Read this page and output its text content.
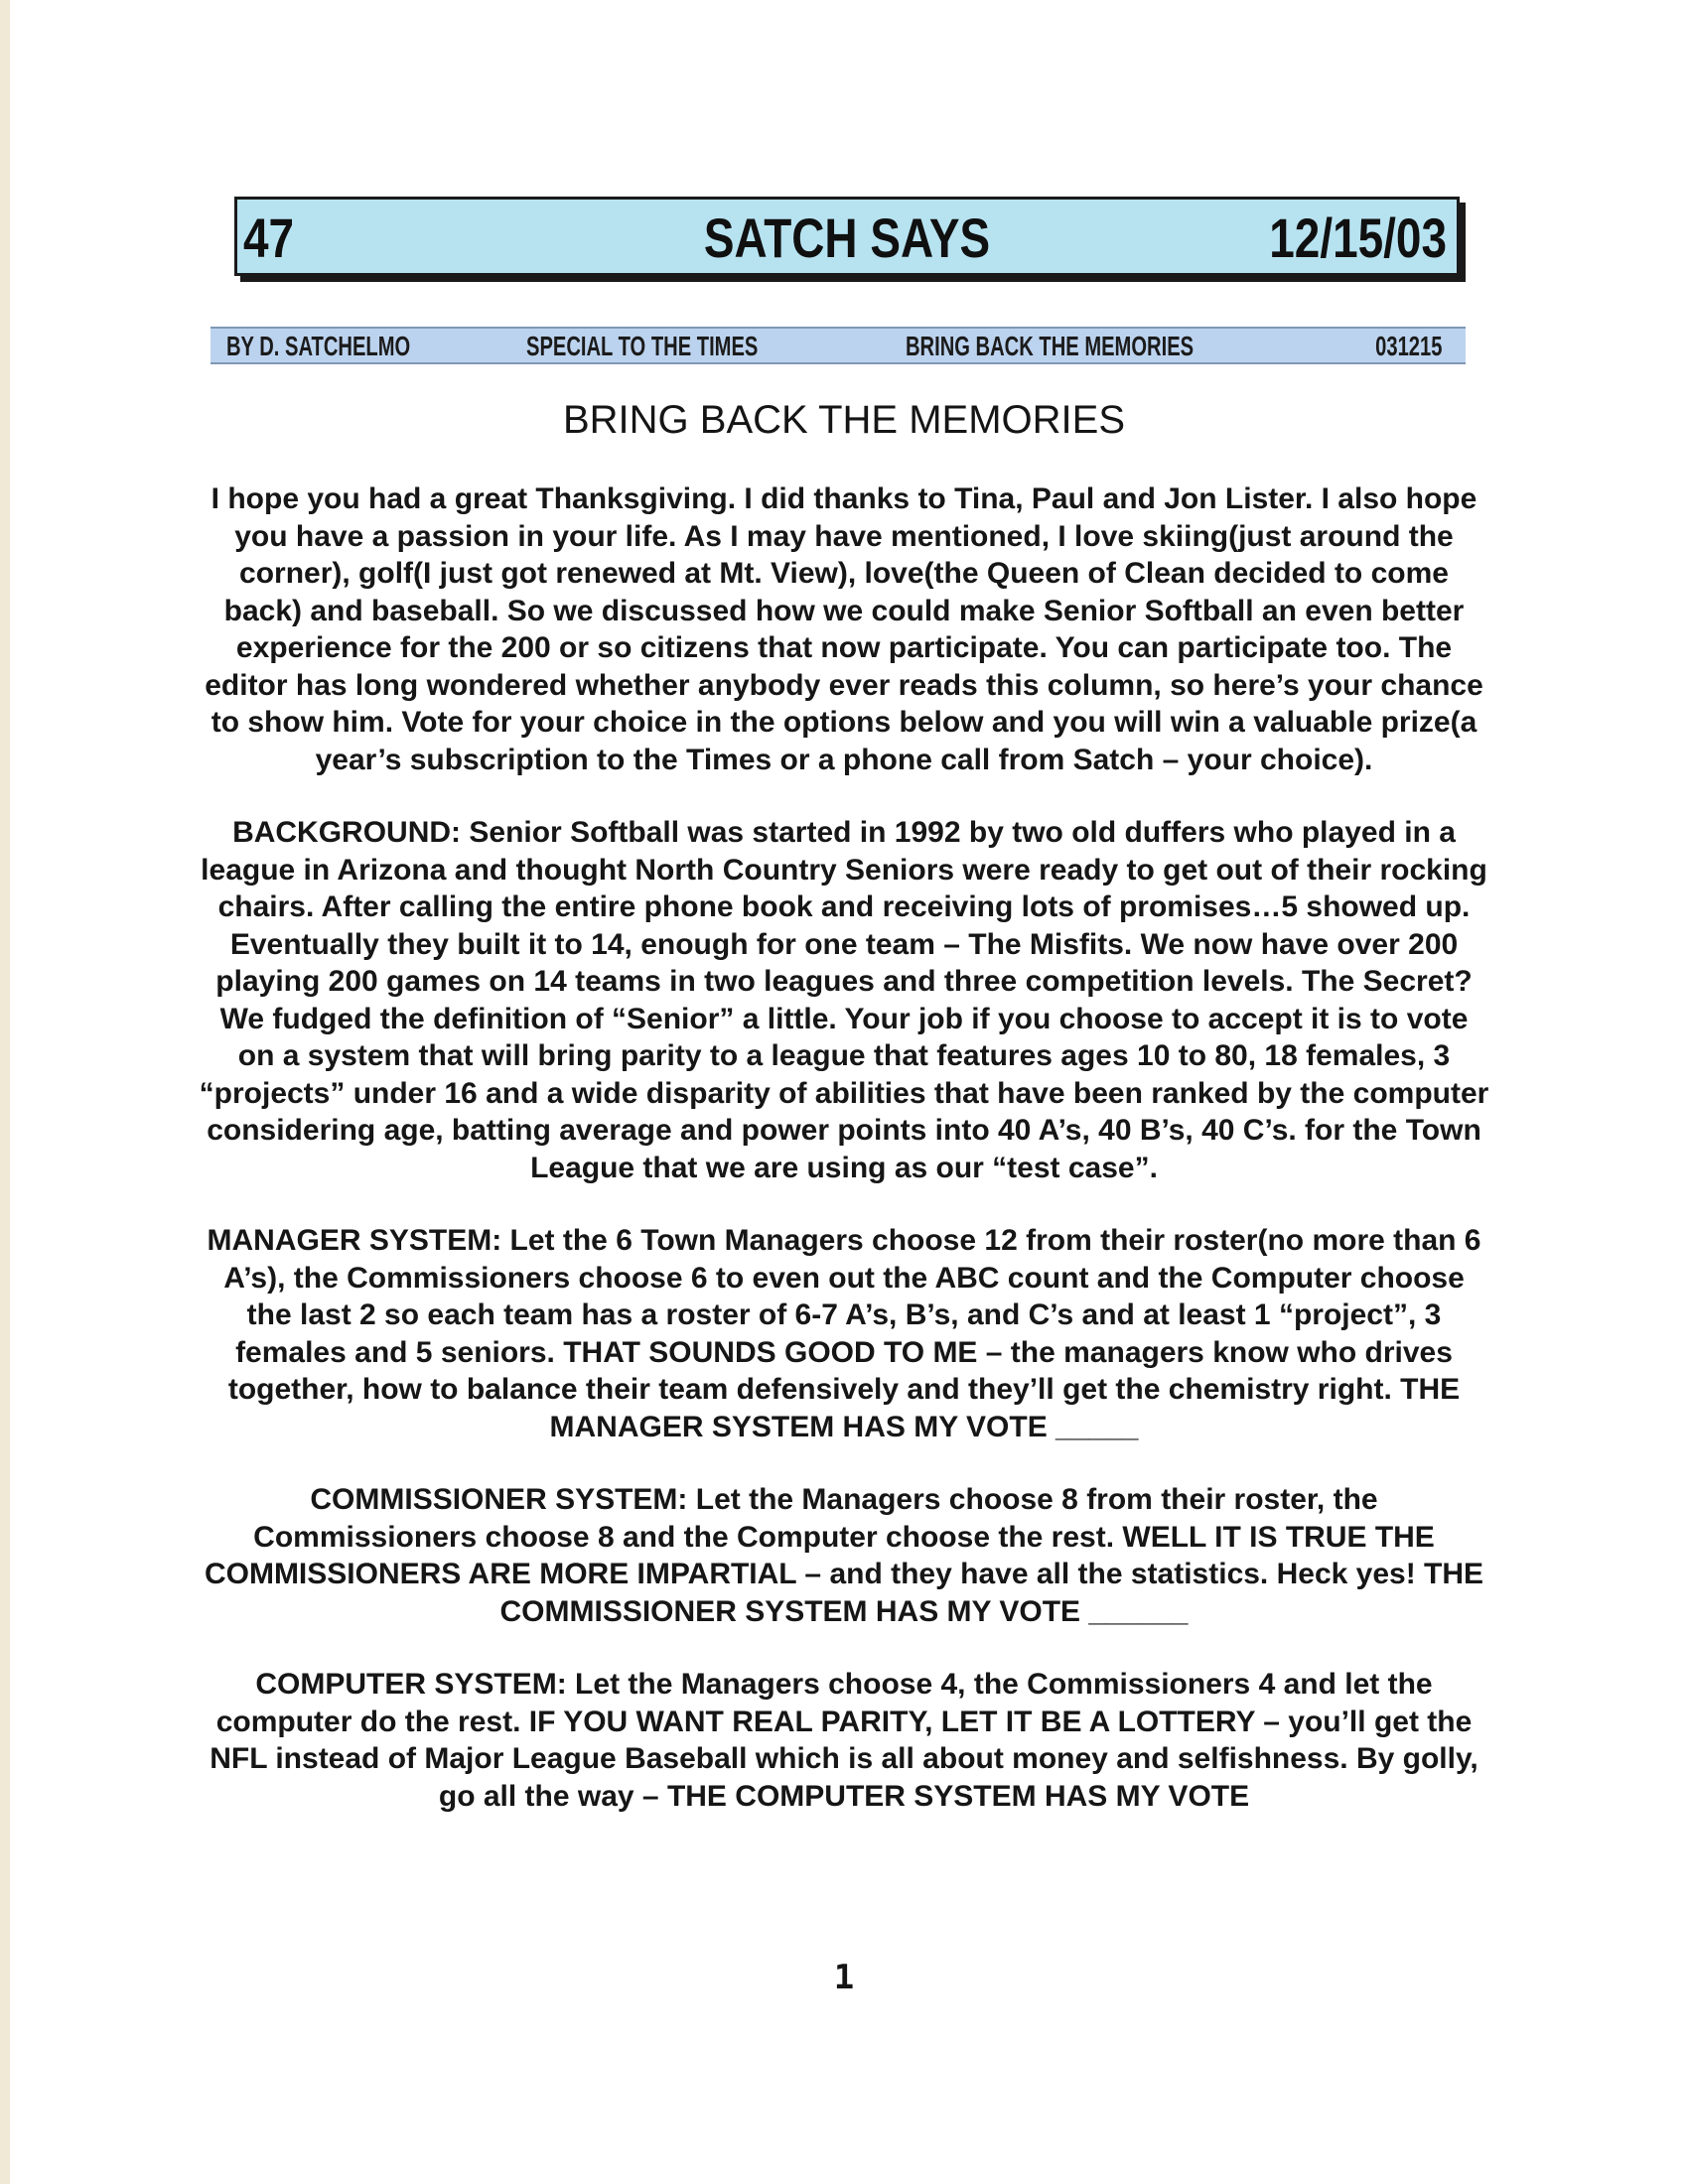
47	SATCH SAYS	12/15/03
BY D. SATCHELMO	SPECIAL TO THE TIMES	BRING BACK THE MEMORIES	031215
BRING BACK THE MEMORIES

I hope you had a great Thanksgiving. I did thanks to Tina, Paul and Jon Lister. I also hope you have a passion in your life. As I may have mentioned, I love skiing(just around the corner), golf(I just got renewed at Mt. View), love(the Queen of Clean decided to come back) and baseball. So we discussed how we could make Senior Softball an even better experience for the 200 or so citizens that now participate. You can participate too. The editor has long wondered whether anybody ever reads this column, so here’s your chance to show him. Vote for your choice in the options below and you will win a valuable prize(a year’s subscription to the Times or a phone call from Satch – your choice).

BACKGROUND: Senior Softball was started in 1992 by two old duffers who played in a league in Arizona and thought North Country Seniors were ready to get out of their rocking chairs. After calling the entire phone book and receiving lots of promises…5 showed up. Eventually they built it to 14, enough for one team – The Misfits. We now have over 200 playing 200 games on 14 teams in two leagues and three competition levels. The Secret? We fudged the definition of “Senior” a little. Your job if you choose to accept it is to vote on a system that will bring parity to a league that features ages 10 to 80, 18 females, 3 “projects” under 16 and a wide disparity of abilities that have been ranked by the computer considering age, batting average and power points into 40 A’s, 40 B’s, 40 C’s. for the Town League that we are using as our “test case”.

MANAGER SYSTEM: Let the 6 Town Managers choose 12 from their roster(no more than 6 A’s), the Commissioners choose 6 to even out the ABC count and the Computer choose the last 2 so each team has a roster of 6-7 A’s, B’s, and C’s and at least 1 “project”, 3 females and 5 seniors. THAT SOUNDS GOOD TO ME – the managers know who drives together, how to balance their team defensively and they’ll get the chemistry right. THE MANAGER SYSTEM HAS MY VOTE _____

COMMISSIONER SYSTEM: Let the Managers choose 8 from their roster, the Commissioners choose 8 and the Computer choose the rest. WELL IT IS TRUE THE COMMISSIONERS ARE MORE IMPARTIAL – and they have all the statistics. Heck yes! THE COMMISSIONER SYSTEM HAS MY VOTE ______

COMPUTER SYSTEM: Let the Managers choose 4, the Commissioners 4 and let the computer do the rest. IF YOU WANT REAL PARITY, LET IT BE A LOTTERY – you’ll get the NFL instead of Major League Baseball which is all about money and selfishness. By golly, go all the way – THE COMPUTER SYSTEM HAS MY VOTE

1
